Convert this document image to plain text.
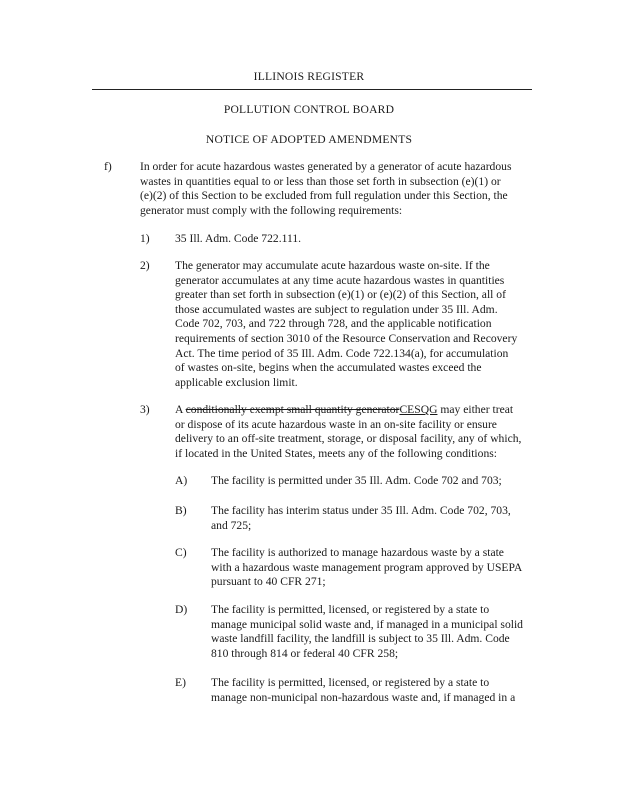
ILLINOIS REGISTER
POLLUTION CONTROL BOARD
NOTICE OF ADOPTED AMENDMENTS
f) In order for acute hazardous wastes generated by a generator of acute hazardous
wastes in quantities equal to or less than those set forth in subsection (e)(1) or
(e)(2) of this Section to be excluded from full regulation under this Section, the
generator must comply with the following requirements:
1) 35 Ill. Adm. Code 722.111.
2) The generator may accumulate acute hazardous waste on-site. If the
generator accumulates at any time acute hazardous wastes in quantities
greater than set forth in subsection (e)(1) or (e)(2) of this Section, all of
those accumulated wastes are subject to regulation under 35 Ill. Adm.
Code 702, 703, and 722 through 728, and the applicable notification
requirements of section 3010 of the Resource Conservation and Recovery
Act. The time period of 35 Ill. Adm. Code 722.134(a), for accumulation
of wastes on-site, begins when the accumulated wastes exceed the
applicable exclusion limit.
3) A conditionally exempt small quantity generatorCESQG may either treat
or dispose of its acute hazardous waste in an on-site facility or ensure
delivery to an off-site treatment, storage, or disposal facility, any of which,
if located in the United States, meets any of the following conditions:
A) The facility is permitted under 35 Ill. Adm. Code 702 and 703;
B) The facility has interim status under 35 Ill. Adm. Code 702, 703,
and 725;
C) The facility is authorized to manage hazardous waste by a state
with a hazardous waste management program approved by USEPA
pursuant to 40 CFR 271;
D) The facility is permitted, licensed, or registered by a state to
manage municipal solid waste and, if managed in a municipal solid
waste landfill facility, the landfill is subject to 35 Ill. Adm. Code
810 through 814 or federal 40 CFR 258;
E) The facility is permitted, licensed, or registered by a state to
manage non-municipal non-hazardous waste and, if managed in a
